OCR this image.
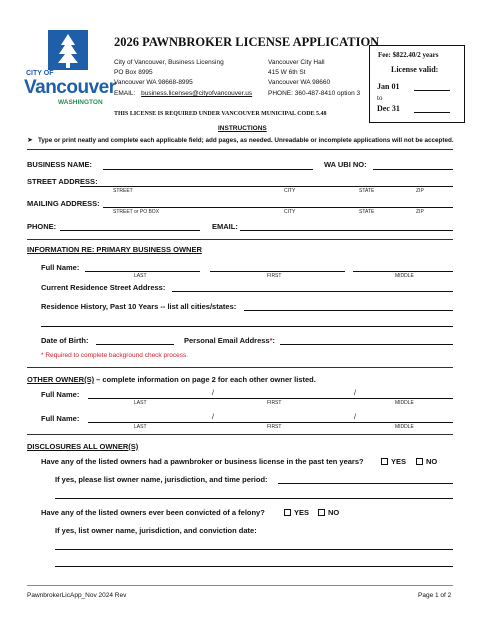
CITY OF
Vancouver
WASHINGTON
2026 PAWNBROKER LICENSE APPLICATION
City of Vancouver, Business Licensing
PO Box 8995
Vancouver WA 98668-8995
Vancouver City Hall
415 W 6th St
Vancouver WA 98660
EMAIL: business.licenses@cityofvancouver.us PHONE: 360-487-8410 option 3
THIS LICENSE IS REQUIRED UNDER VANCOUVER MUNICIPAL CODE 5.48
Fee: $822.40/2 years
License valid:
Jan 01
to
Dec 31
INSTRUCTIONS
➤ Type or print neatly and complete each applicable field; add pages, as needed. Unreadable or incomplete applications will not be accepted.
BUSINESS NAME:	WA UBI NO:
STREET ADDRESS:
STREET	CITY	STATE	ZIP
MAILING ADDRESS:
STREET or PO BOX	CITY	STATE	ZIP
PHONE:	EMAIL:
INFORMATION RE: PRIMARY BUSINESS OWNER
Full Name:
LAST	FIRST	MIDDLE
Current Residence Street Address:
Residence History, Past 10 Years -- list all cities/states:
Date of Birth:	Personal Email Address*:
* Required to complete background check process.
OTHER OWNER(S) – complete information on page 2 for each other owner listed.
Full Name:	/	/
LAST	FIRST	MIDDLE
Full Name:	/	/
LAST	FIRST	MIDDLE
DISCLOSURES ALL OWNER(S)
Have any of the listed owners had a pawnbroker or business license in the past ten years?	YES	NO
If yes, please list owner name, jurisdiction, and time period:
Have any of the listed owners ever been convicted of a felony?	YES	NO
If yes, list owner name, jurisdiction, and conviction date:
PawnbrokerLicApp_Nov 2024 Rev	Page 1 of 2
